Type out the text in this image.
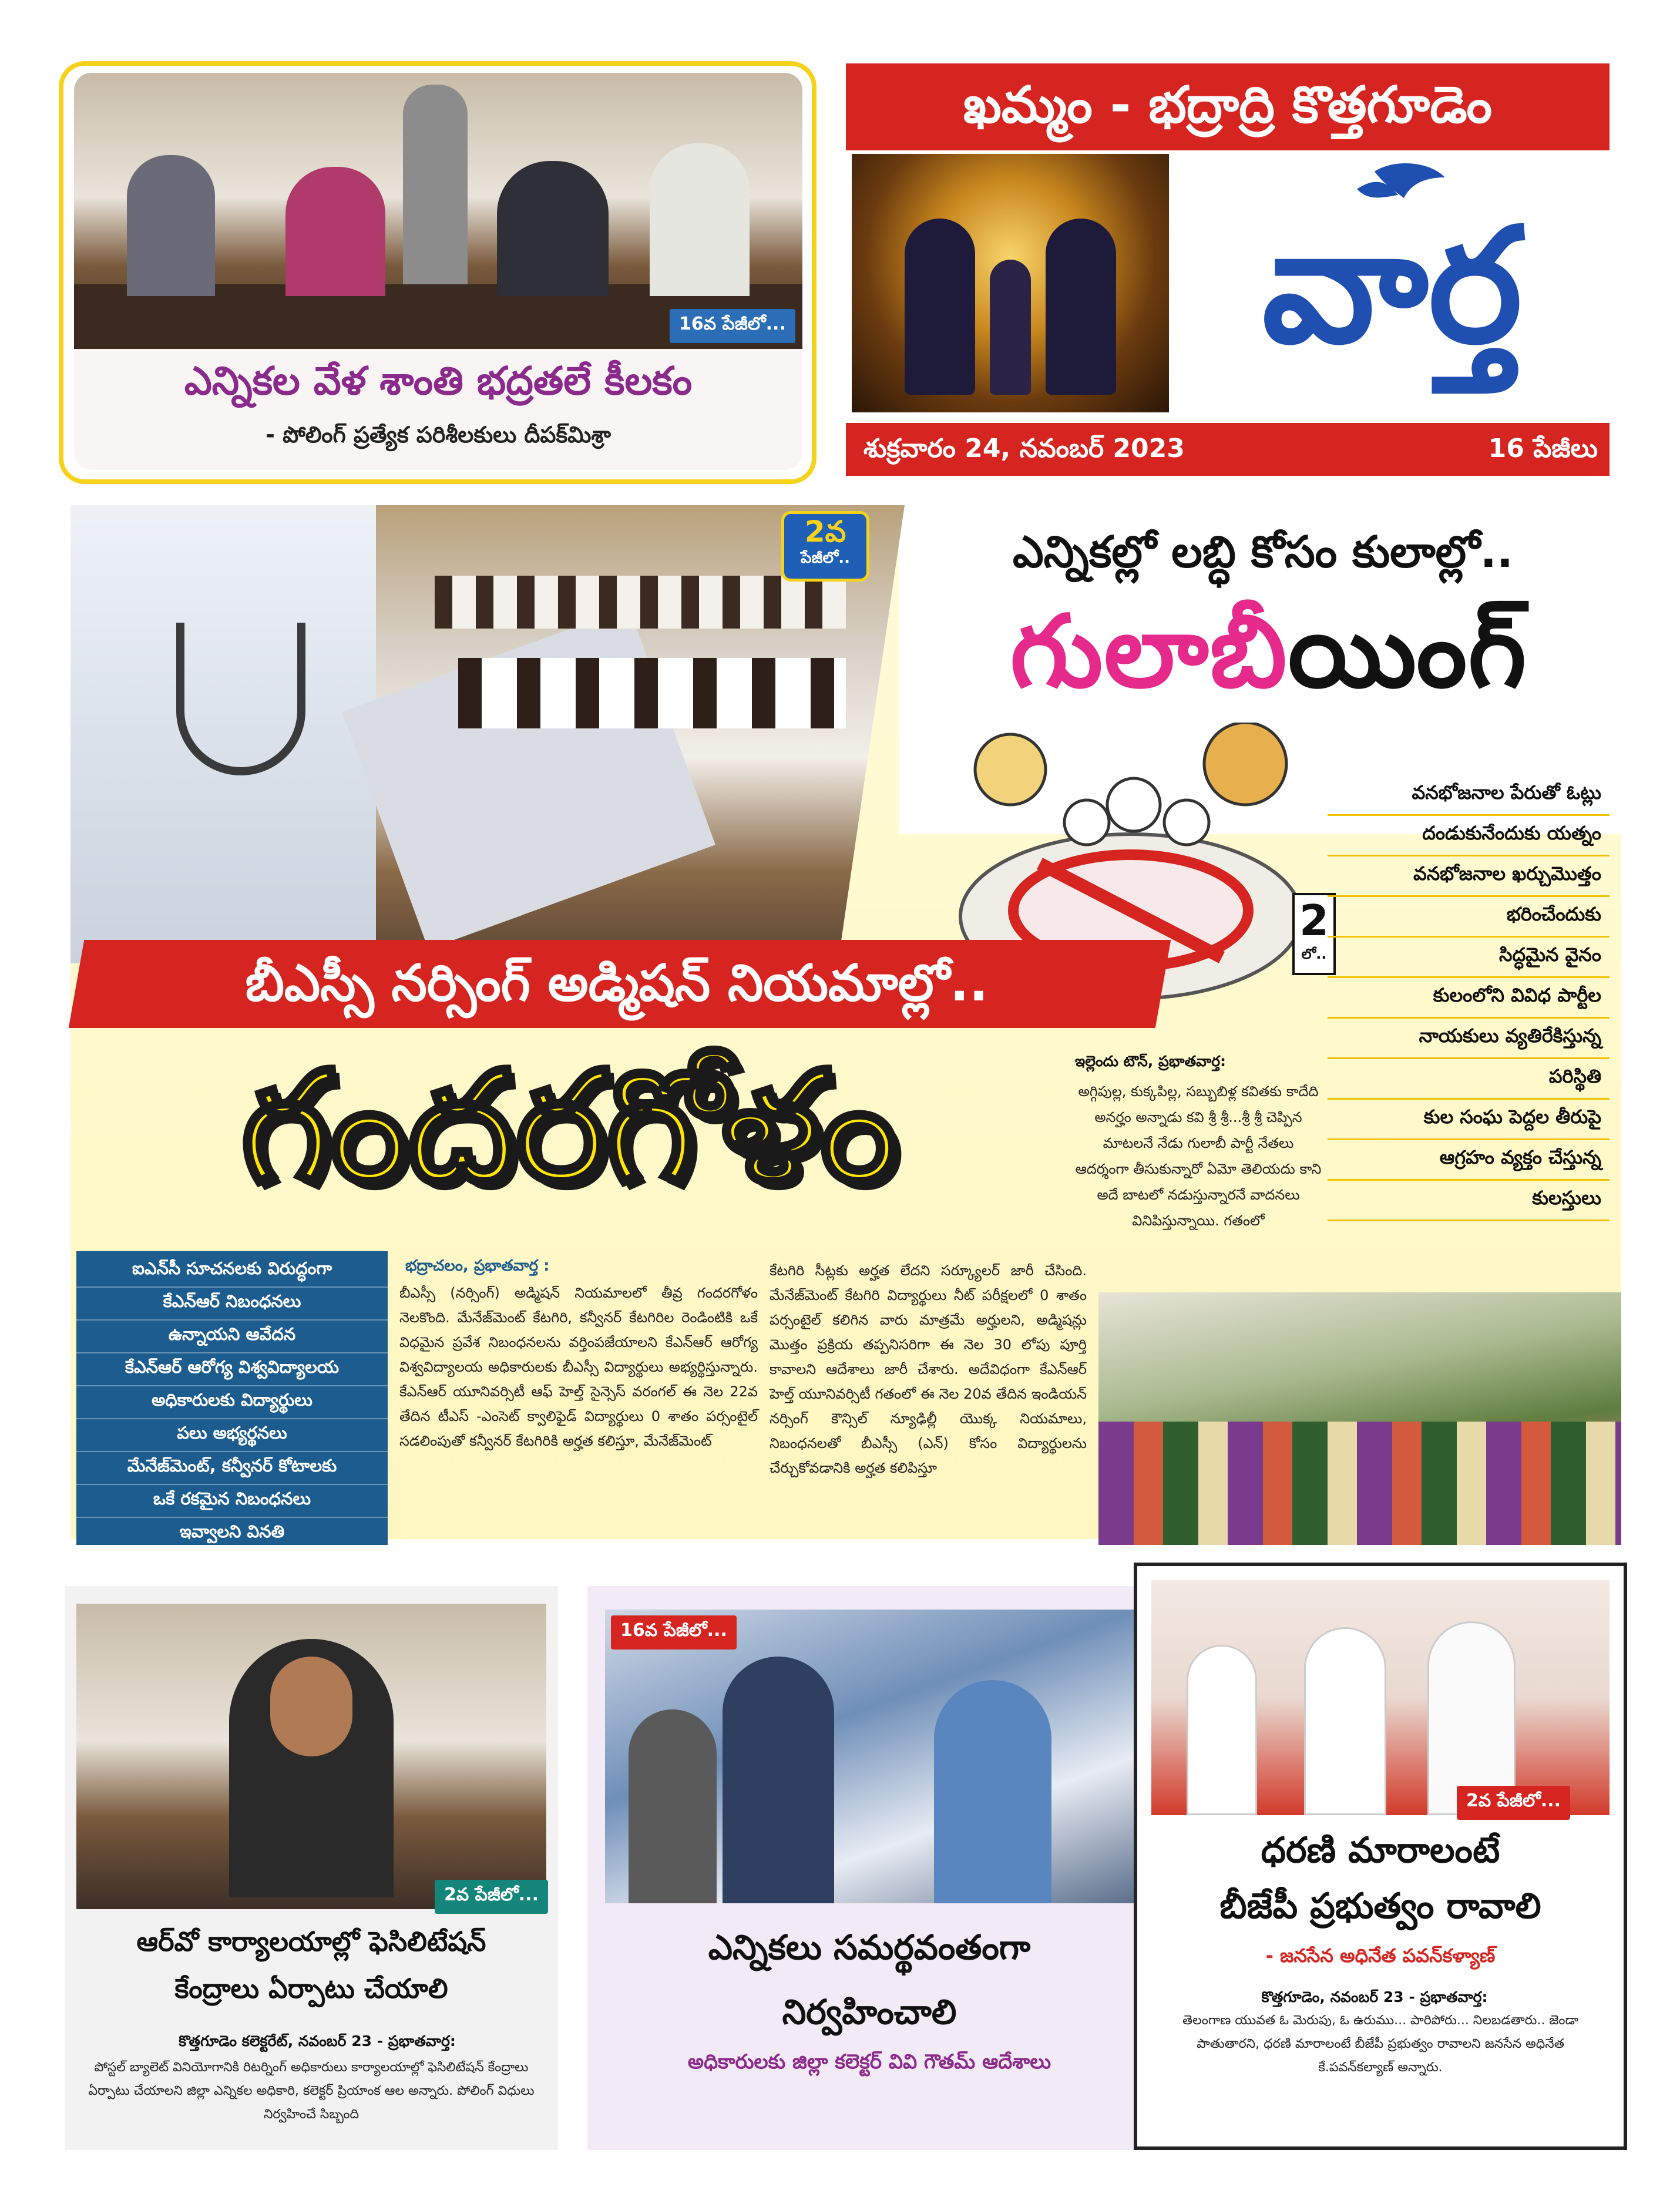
16వ పేజీలో...
ఎన్నికల వేళ శాంతి భద్రతలే కీలకం
- పోలింగ్ ప్రత్యేక పరిశీలకులు దీపక్‌మిశ్రా
ఖమ్మం - భద్రాద్రి కొత్తగూడెం
వార్త
శుక్రవారం 24, నవంబర్ 2023	16 పేజీలు
2వ
పేజీలో..	ఎన్నికల్లో లబ్ధి కోసం కులాల్లో..
గులాబీయింగ్
2
లో..
వనభోజనాల పేరుతో ఓట్లు
దండుకునేందుకు యత్నం
వనభోజనాల ఖర్చుమొత్తం
భరించేందుకు
సిద్ధమైన వైనం
కులంలోని వివిధ పార్టీల
నాయకులు వ్యతిరేకిస్తున్న
పరిస్థితి
కుల సంఘ పెద్దల తీరుపై
ఆగ్రహం వ్యక్తం చేస్తున్న
కులస్తులు
ఇల్లెందు టౌన్, ప్రభాతవార్త:
అగ్గిపుల్ల, కుక్కపిల్ల, సబ్బుబిళ్ల కవితకు కాదేది అనర్హం అన్నాడు కవి శ్రీ శ్రీ...శ్రీ శ్రీ చెప్పిన మాటలనే నేడు గులాబీ పార్టీ నేతలు ఆదర్శంగా తీసుకున్నారో ఏమో తెలియదు కాని అదే బాటలో నడుస్తున్నారనే వాదనలు వినిపిస్తున్నాయి. గతంలో
బీఎస్సీ నర్సింగ్ అడ్మిషన్ నియమాల్లో..
గందరగోళం
ఐఎన్‌సీ సూచనలకు విరుద్ధంగా
కేఎన్‌ఆర్ నిబంధనలు
ఉన్నాయని ఆవేదన
కేఎన్‌ఆర్ ఆరోగ్య విశ్వవిద్యాలయ
అధికారులకు విద్యార్థులు
పలు అభ్యర్థనలు
మేనేజ్‌మెంట్, కన్వీనర్ కోటాలకు
ఒకే రకమైన నిబంధనలు
ఇవ్వాలని వినతి
భద్రాచలం, ప్రభాతవార్త :
బీఎస్సీ (నర్సింగ్) అడ్మిషన్ నియమాలలో తీవ్ర గందరగోళం నెలకొంది. మేనేజ్‌మెంట్ కేటగిరి, కన్వీనర్ కేటగిరిల రెండింటికి ఒకే విధమైన ప్రవేశ నిబంధనలను వర్తింపజేయాలని కేఎన్‌ఆర్ ఆరోగ్య విశ్వవిద్యాలయ అధికారులకు బీఎస్సీ విద్యార్థులు అభ్యర్థిస్తున్నారు. కేఎన్‌ఆర్ యూనివర్సిటీ ఆఫ్ హెల్త్ సైన్సెస్ వరంగల్ ఈ నెల 22వ తేదిన టీఎస్ -ఎంసెట్ క్వాలిఫైడ్ విద్యార్థులు 0 శాతం పర్సంటైల్ సడలింపుతో కన్వీనర్ కేటగిరికి అర్హత కలిస్తూ, మేనేజ్‌మెంట్
కేటగిరి సీట్లకు అర్హత లేదని సర్క్యూలర్ జారీ చేసింది. మేనేజ్‌మెంట్ కేటగిరి విద్యార్థులు నీట్ పరీక్షలలో 0 శాతం పర్సంటైల్ కలిగిన వారు మాత్రమే అర్హులని, అడ్మిషన్లు మొత్తం ప్రక్రియ తప్పనిసరిగా ఈ నెల 30 లోపు పూర్తి కావాలని ఆదేశాలు జారీ చేశారు. అదేవిధంగా కేఎన్‌ఆర్ హెల్త్ యూనివర్సిటీ గతంలో ఈ నెల 20వ తేదిన ఇండియన్ నర్సింగ్ కౌన్సిల్ న్యూఢిల్లీ యొక్క నియమాలు, నిబంధనలతో బీఎస్సీ (ఎన్) కోసం విద్యార్థులను చేర్చుకోవడానికి అర్హత కలిపిస్తూ
2వ పేజీలో...
ఆర్‌వో కార్యాలయాల్లో ఫెసిలిటేషన్
కేంద్రాలు ఏర్పాటు చేయాలి
కొత్తగూడెం కలెక్టరేట్, నవంబర్ 23 - ప్రభాతవార్త:
పోస్టల్ బ్యాలెట్ వినియోగానికి రిటర్నింగ్ అధికారులు కార్యాలయాల్లో ఫెసిలిటేషన్ కేంద్రాలు ఏర్పాటు చేయాలని జిల్లా ఎన్నికల అధికారి, కలెక్టర్ ప్రియాంక ఆల అన్నారు. పోలింగ్ విధులు నిర్వహించే సిబ్బంది
16వ పేజీలో...
ఎన్నికలు సమర్థవంతంగా
నిర్వహించాలి
అధికారులకు జిల్లా కలెక్టర్ వివి గౌతమ్ ఆదేశాలు
2వ పేజీలో...
ధరణి మారాలంటే
బీజేపీ ప్రభుత్వం రావాలి
- జనసేన అధినేత పవన్‌కళ్యాణ్
కొత్తగూడెం, నవంబర్ 23 - ప్రభాతవార్త:
తెలంగాణ యువత ఓ మెరుపు, ఓ ఉరుము... పారిపోరు... నిలబడతారు.. జెండా పాతుతారని, ధరణి మారాలంటే బీజేపీ ప్రభుత్వం రావాలని జనసేన అధినేత కే.పవన్‌కల్యాణ్ అన్నారు.
